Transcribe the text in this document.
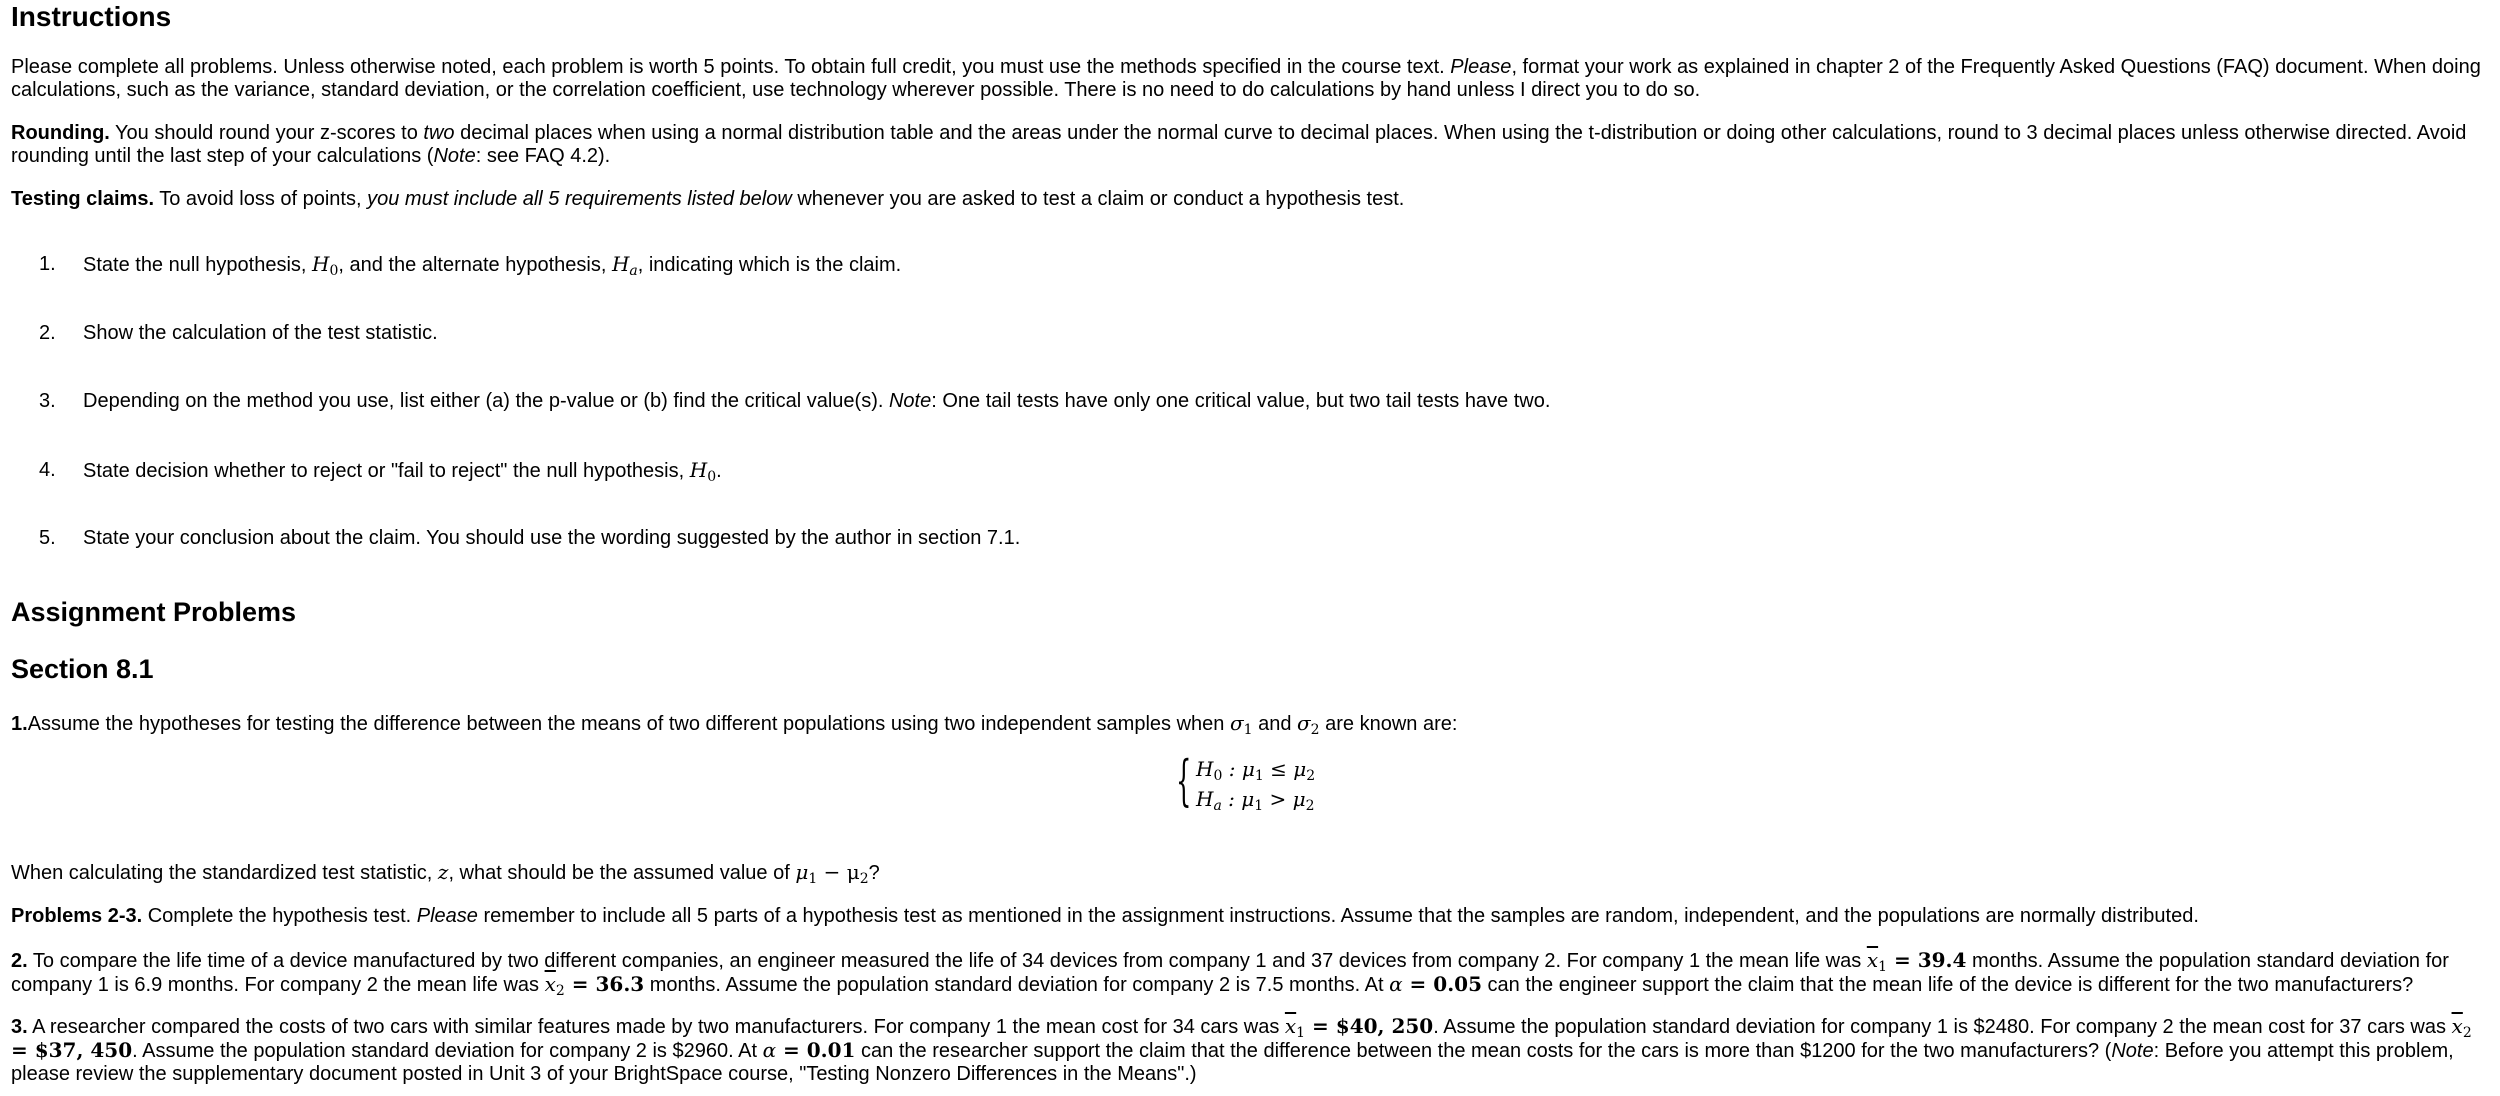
Instructions

Please complete all problems. Unless otherwise noted, each problem is worth 5 points. To obtain full credit, you must use the methods specified in the course text. Please, format your work as explained in chapter 2 of the Frequently Asked Questions (FAQ) document. When doing calculations, such as the variance, standard deviation, or the correlation coefficient, use technology wherever possible. There is no need to do calculations by hand unless I direct you to do so.

Rounding. You should round your z-scores to two decimal places when using a normal distribution table and the areas under the normal curve to decimal places. When using the t-distribution or doing other calculations, round to 3 decimal places unless otherwise directed. Avoid rounding until the last step of your calculations (Note: see FAQ 4.2).

Testing claims. To avoid loss of points, you must include all 5 requirements listed below whenever you are asked to test a claim or conduct a hypothesis test.

1.	State the null hypothesis, $H_0$, and the alternate hypothesis, $H_a$, indicating which is the claim.
2.	Show the calculation of the test statistic.
3.	Depending on the method you use, list either (a) the p-value or (b) find the critical value(s). Note: One tail tests have only one critical value, but two tail tests have two.
4.	State decision whether to reject or "fail to reject" the null hypothesis, $H_0$.
5.	State your conclusion about the claim. You should use the wording suggested by the author in section 7.1.
Assignment Problems
Section 8.1

1.Assume the hypotheses for testing the difference between the means of two different populations using two independent samples when $\sigma_1$ and $\sigma_2$ are known are:

{ $H_0$ : $\mu_1 \le \mu_2$
$H_a$ : $\mu_1 > \mu_2$

When calculating the standardized test statistic, z, what should be the assumed value of $\mu_1 - \mu_2$?

Problems 2-3. Complete the hypothesis test. Please remember to include all 5 parts of a hypothesis test as mentioned in the assignment instructions. Assume that the samples are random, independent, and the populations are normally distributed.

2. To compare the life time of a device manufactured by two different companies, an engineer measured the life of 34 devices from company 1 and 37 devices from company 2. For company 1 the mean life was $\overline{x}_1 = 39.4$ months. Assume the population standard deviation for company 1 is 6.9 months. For company 2 the mean life was $\overline{x}_2 = 36.3$ months. Assume the population standard deviation for company 2 is 7.5 months. At α = 0.05 can the engineer support the claim that the mean life of the device is different for the two manufacturers?

3. A researcher compared the costs of two cars with similar features made by two manufacturers. For company 1 the mean cost for 34 cars was $\overline{x}_1$ = $40, 250. Assume the population standard deviation for company 1 is $2480. For company 2 the mean cost for 37 cars was $\overline{x}_2$ = $37, 450. Assume the population standard deviation for company 2 is $2960. At α = 0.01 can the researcher support the claim that the difference between the mean costs for the cars is more than $1200 for the two manufacturers? (Note: Before you attempt this problem, please review the supplementary document posted in Unit 3 of your BrightSpace course, "Testing Nonzero Differences in the Means".)
